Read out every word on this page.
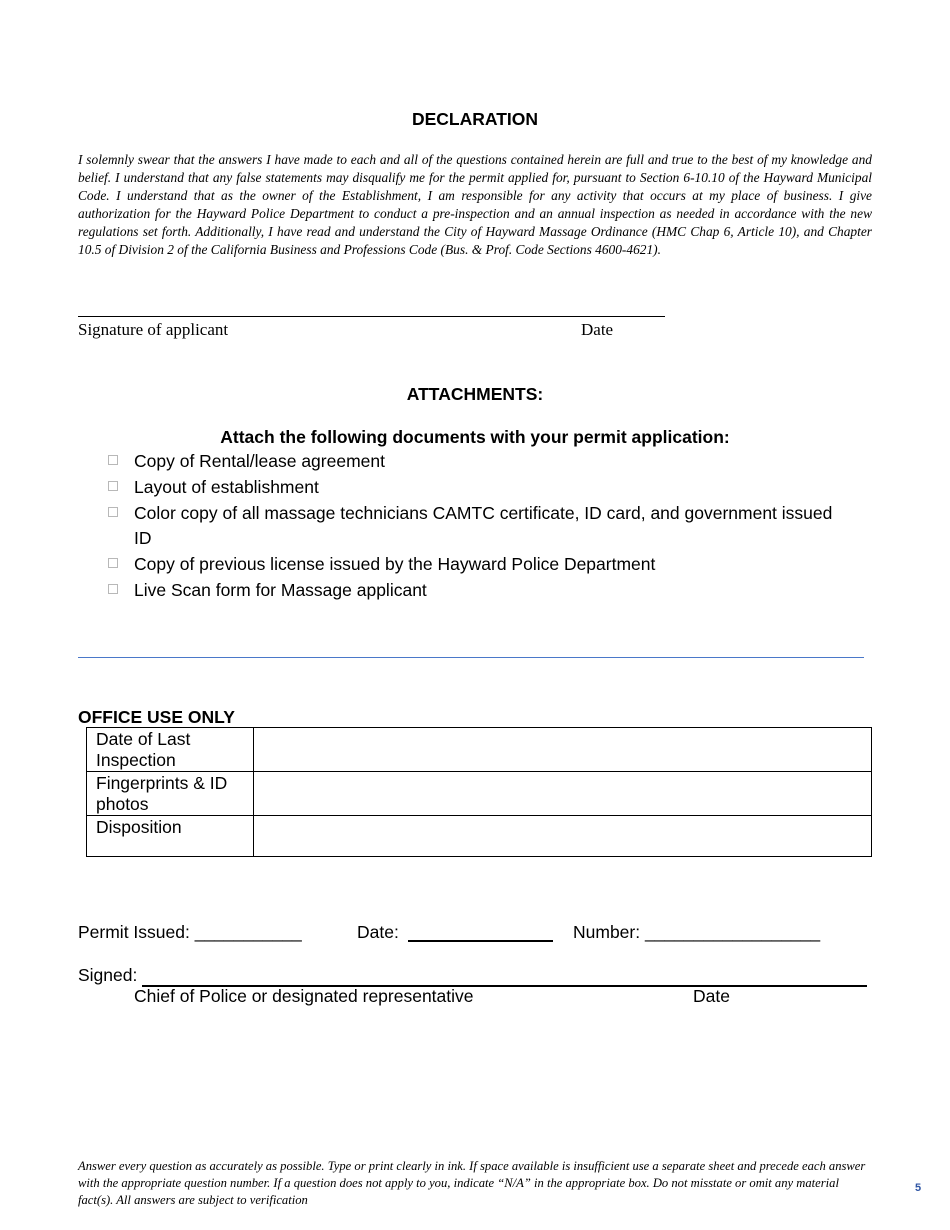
DECLARATION
I solemnly swear that the answers I have made to each and all of the questions contained herein are full and true to the best of my knowledge and belief. I understand that any false statements may disqualify me for the permit applied for, pursuant to Section 6-10.10 of the Hayward Municipal Code. I understand that as the owner of the Establishment, I am responsible for any activity that occurs at my place of business. I give authorization for the Hayward Police Department to conduct a pre-inspection and an annual inspection as needed in accordance with the new regulations set forth. Additionally, I have read and understand the City of Hayward Massage Ordinance (HMC Chap 6, Article 10), and Chapter 10.5 of Division 2 of the California Business and Professions Code (Bus. & Prof. Code Sections 4600-4621).
Signature of applicant	Date
ATTACHMENTS:
Attach the following documents with your permit application:
Copy of Rental/lease agreement
Layout of establishment
Color copy of all massage technicians CAMTC certificate, ID card, and government issued ID
Copy of previous license issued by the Hayward Police Department
Live Scan form for Massage applicant
OFFICE USE ONLY
Date of Last Inspection	
Fingerprints & ID photos	
Disposition	
Permit Issued: ___________	Date:	Number: __________________
Signed:
Chief of Police or designated representative	Date
Answer every question as accurately as possible. Type or print clearly in ink. If space available is insufficient use a separate sheet and precede each answer with the appropriate question number. If a question does not apply to you, indicate “N/A” in the appropriate box. Do not misstate or omit any material fact(s). All answers are subject to verification
5
